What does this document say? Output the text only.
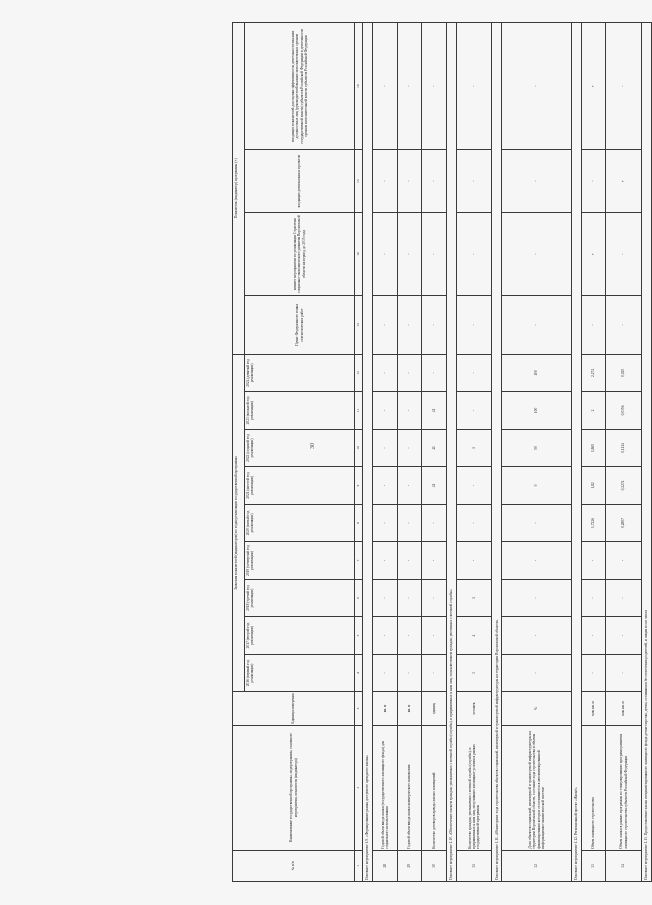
30
№ п/п	Наименование государственной программы, подпрограммы, основного мероприятия, показателя (индикатора)	Единица измерения	Значения показателей (индикаторов) по годам реализации государственной программы									Показатель (индикатор) программы (+)			
			2016 (первый год реализации)	2017 (второй год реализации)	2018 (третий год реализации)	2019 (четвертый год реализации)	2020 (пятый год реализации)	2021 (шестой год реализации)	2022 (седьмой год реализации)	2023 (восьмой год реализации)	2024 (девятый год реализации)	Пункт Федерального плана статистических работ	влияют мероприятия по реализации Стратегии социально-экономического развития Воронежской области на период до 2035 года	входящих региональных проектов	входящих показателей для оценки эффективности деятельности высших должностных лиц (руководителей высших исполнительных органов государственной власти) субъектов Российской Федерации и деятельности органов исполнительной власти субъектов Российской Федерации
1	2	3	4	5	6	7	8	9	10	11	12	13	14	15	16
Основное мероприятие 1.9. «Формирование рынка доступного арендного жилья»															
28	Годовой объем ввода жилья (государственного жилищного фонда) для социального использования	кв. м	-	-	-	-	-	-	-	-	-	-	-	-	-
29	Годовой объем ввода жилья коммерческого назначения	кв. м	-	-	-	-	-	-	-	-	-	-	-	-	-
30	Количество договоров аренды жилых помещений	единиц	-	-	-	-	-	41	41	41	-	-	-	-	-
Основное мероприятие 1.10. «Обеспечение жильем граждан, увольняемых с военной службы (службы), и приравненных к ним лиц, за исключением граждан, уволенных с военной службы»															
31	Количество граждан, увольняемых с военной службы (службы), и приравненных к ним лиц, получивших жилищные условия в рамках государственной программы	человек	3	4	1	-	-	-	1	-	-	-	-	-	-
Основное мероприятие 1.11. «Мониторинг хода строительства объектов социальной, инженерной и транспортной инфраструктуры на территории Воронежской области»															
32	Доля объектов социальной, инженерной и транспортной инфраструктуры на территории Воронежской области, состояние хода строительства и объемы финансирования которых отслеживаются в автоматизированной информационно-аналитической системе	%	-	-	-	-	-	0	50	100	100	-	-	-	-
Основное мероприятие 1.12. Региональный проект «Жильё»															
33	Объем жилищного строительства	млн кв. м	-	-	-	-	1,7226	1,82	1,865	2	2,274	-	+	-	+
34	Объем жилья в рамках программы по стимулированию программ развития жилищного строительства субъектов Российской Федерации	млн кв. м	-	-	-	-	0,2807	0,2274	0,1114	0,0356	0,025	-	-	+	-
Основное мероприятие 1.13. Предоставление жилья специализированного жилищного фонда детям-сиротам, детям, оставшимся без попечения родителей, и лицам из их числа															
